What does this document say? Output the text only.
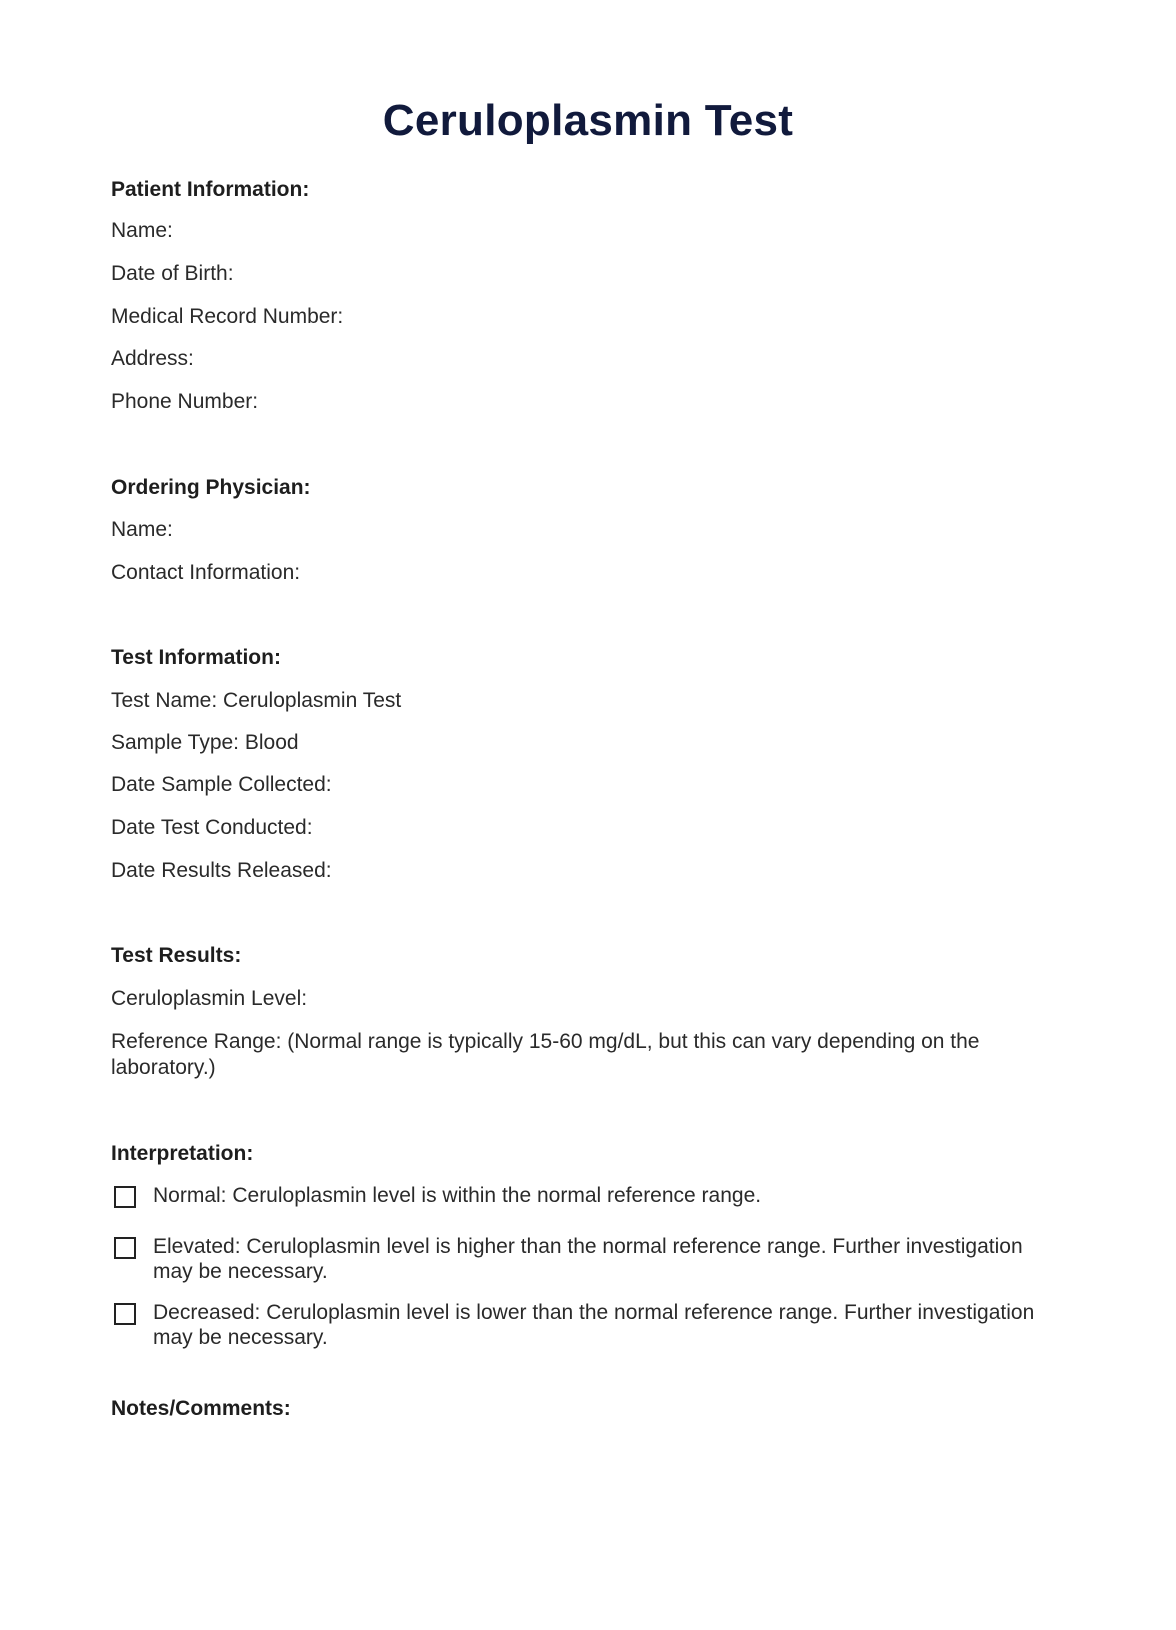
Ceruloplasmin Test
Patient Information:
Name:
Date of Birth:
Medical Record Number:
Address:
Phone Number:
Ordering Physician:
Name:
Contact Information:
Test Information:
Test Name: Ceruloplasmin Test
Sample Type: Blood
Date Sample Collected:
Date Test Conducted:
Date Results Released:
Test Results:
Ceruloplasmin Level:
Reference Range: (Normal range is typically 15-60 mg/dL, but this can vary depending on the laboratory.)
Interpretation:
Normal: Ceruloplasmin level is within the normal reference range.
Elevated: Ceruloplasmin level is higher than the normal reference range. Further investigation may be necessary.
Decreased: Ceruloplasmin level is lower than the normal reference range. Further investigation may be necessary.
Notes/Comments:
